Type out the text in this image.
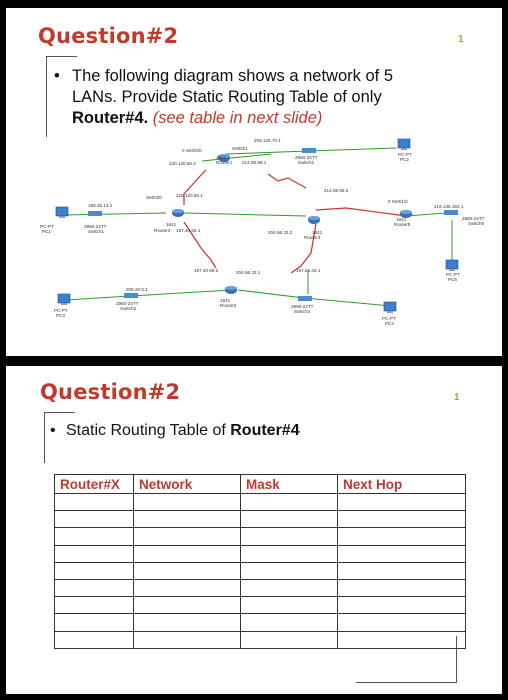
Question#2	1
• The following diagram shows a network of 5
LANs. Provide Static Routing Table of only
Router#4. (see table in next slide)
208.125.70.1
0 Se0/0/0	Se0/0/1
1841
Router1
220.120.55.2	214.58.59.1
2960-24TT
Switch2
PC-PT
PC2
214.58.59.2
0 Se0/1/0
219.136.150.1
1841
Router5
2960-24TT
Switch5
PC-PT
PC5
Se0/0/0	220.120.55.1
198.45.14.1
PC-PT
PC1
2960-24TT
Switch1
1841
Router4 197.40.66.1	204.66.33.2	1841
Router3
197.40.66.2	204.66.33.1	197.66.44.1
206.20.6.1
PC-PT
PC3
2960-24TT
Switch3
1841
Router2	2960-24TT
Switch4
PC-PT
PC4
Question#2	1
• Static Routing Table of Router#4
Router#X	Network	Mask	Next Hop
